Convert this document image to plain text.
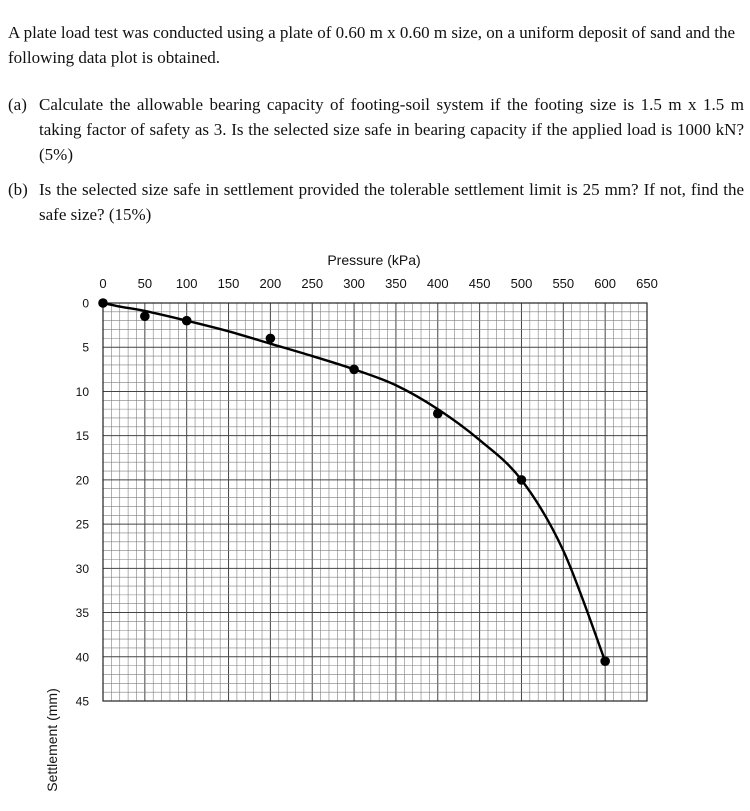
A plate load test was conducted using a plate of 0.60 m x 0.60 m size, on a uniform deposit of sand and the following data plot is obtained.
(a) Calculate the allowable bearing capacity of footing-soil system if the footing size is 1.5 m x 1.5 m taking factor of safety as 3. Is the selected size safe in bearing capacity if the applied load is 1000 kN? (5%)
(b) Is the selected size safe in settlement provided the tolerable settlement limit is 25 mm? If not, find the safe size? (15%)
0 50 100 150 200 250 300 350 400 450 500 550 600 650
0
5
10
15
20
25
30
35
40
45
Pressure (kPa)
Settlement (mm)
